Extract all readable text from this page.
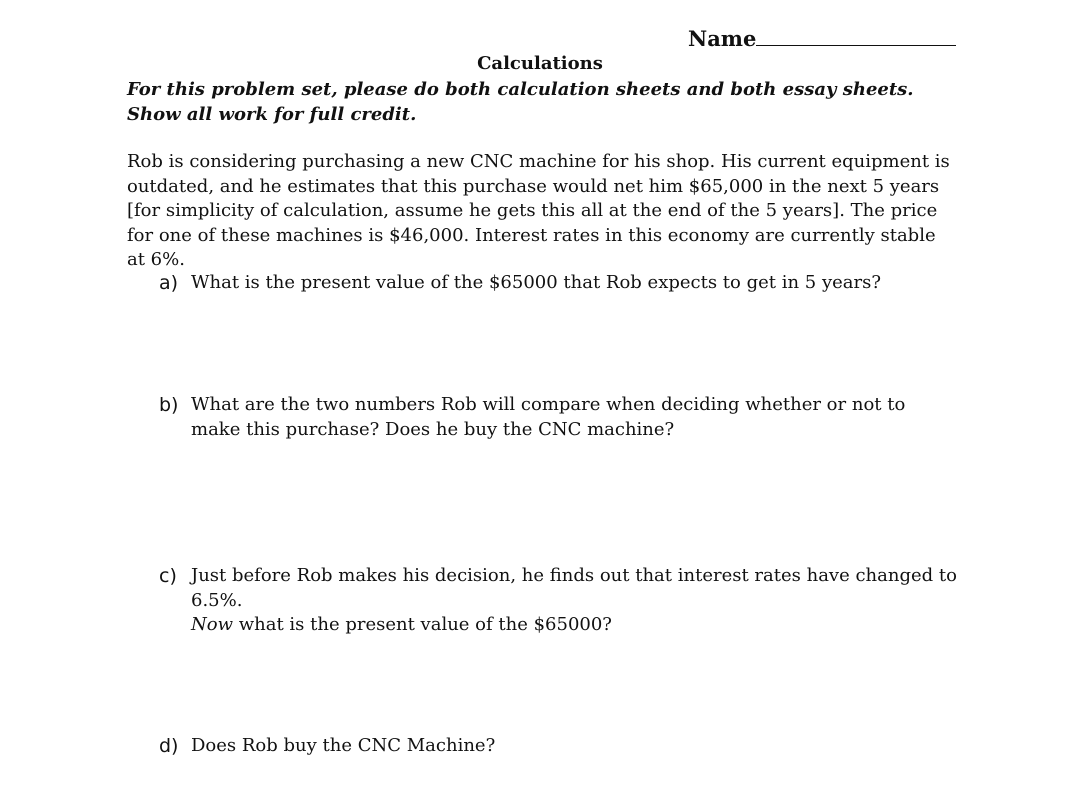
Name
Calculations
For this problem set, please do both calculation sheets and both essay sheets. Show all work for full credit.
Rob is considering purchasing a new CNC machine for his shop. His current equipment is outdated, and he estimates that this purchase would net him $65,000 in the next 5 years [for simplicity of calculation, assume he gets this all at the end of the 5 years]. The price for one of these machines is $46,000. Interest rates in this economy are currently stable at 6%.
a) What is the present value of the $65000 that Rob expects to get in 5 years?
b) What are the two numbers Rob will compare when deciding whether or not to make this purchase? Does he buy the CNC machine?
c) Just before Rob makes his decision, he finds out that interest rates have changed to 6.5%.
Now what is the present value of the $65000?
d) Does Rob buy the CNC Machine?
